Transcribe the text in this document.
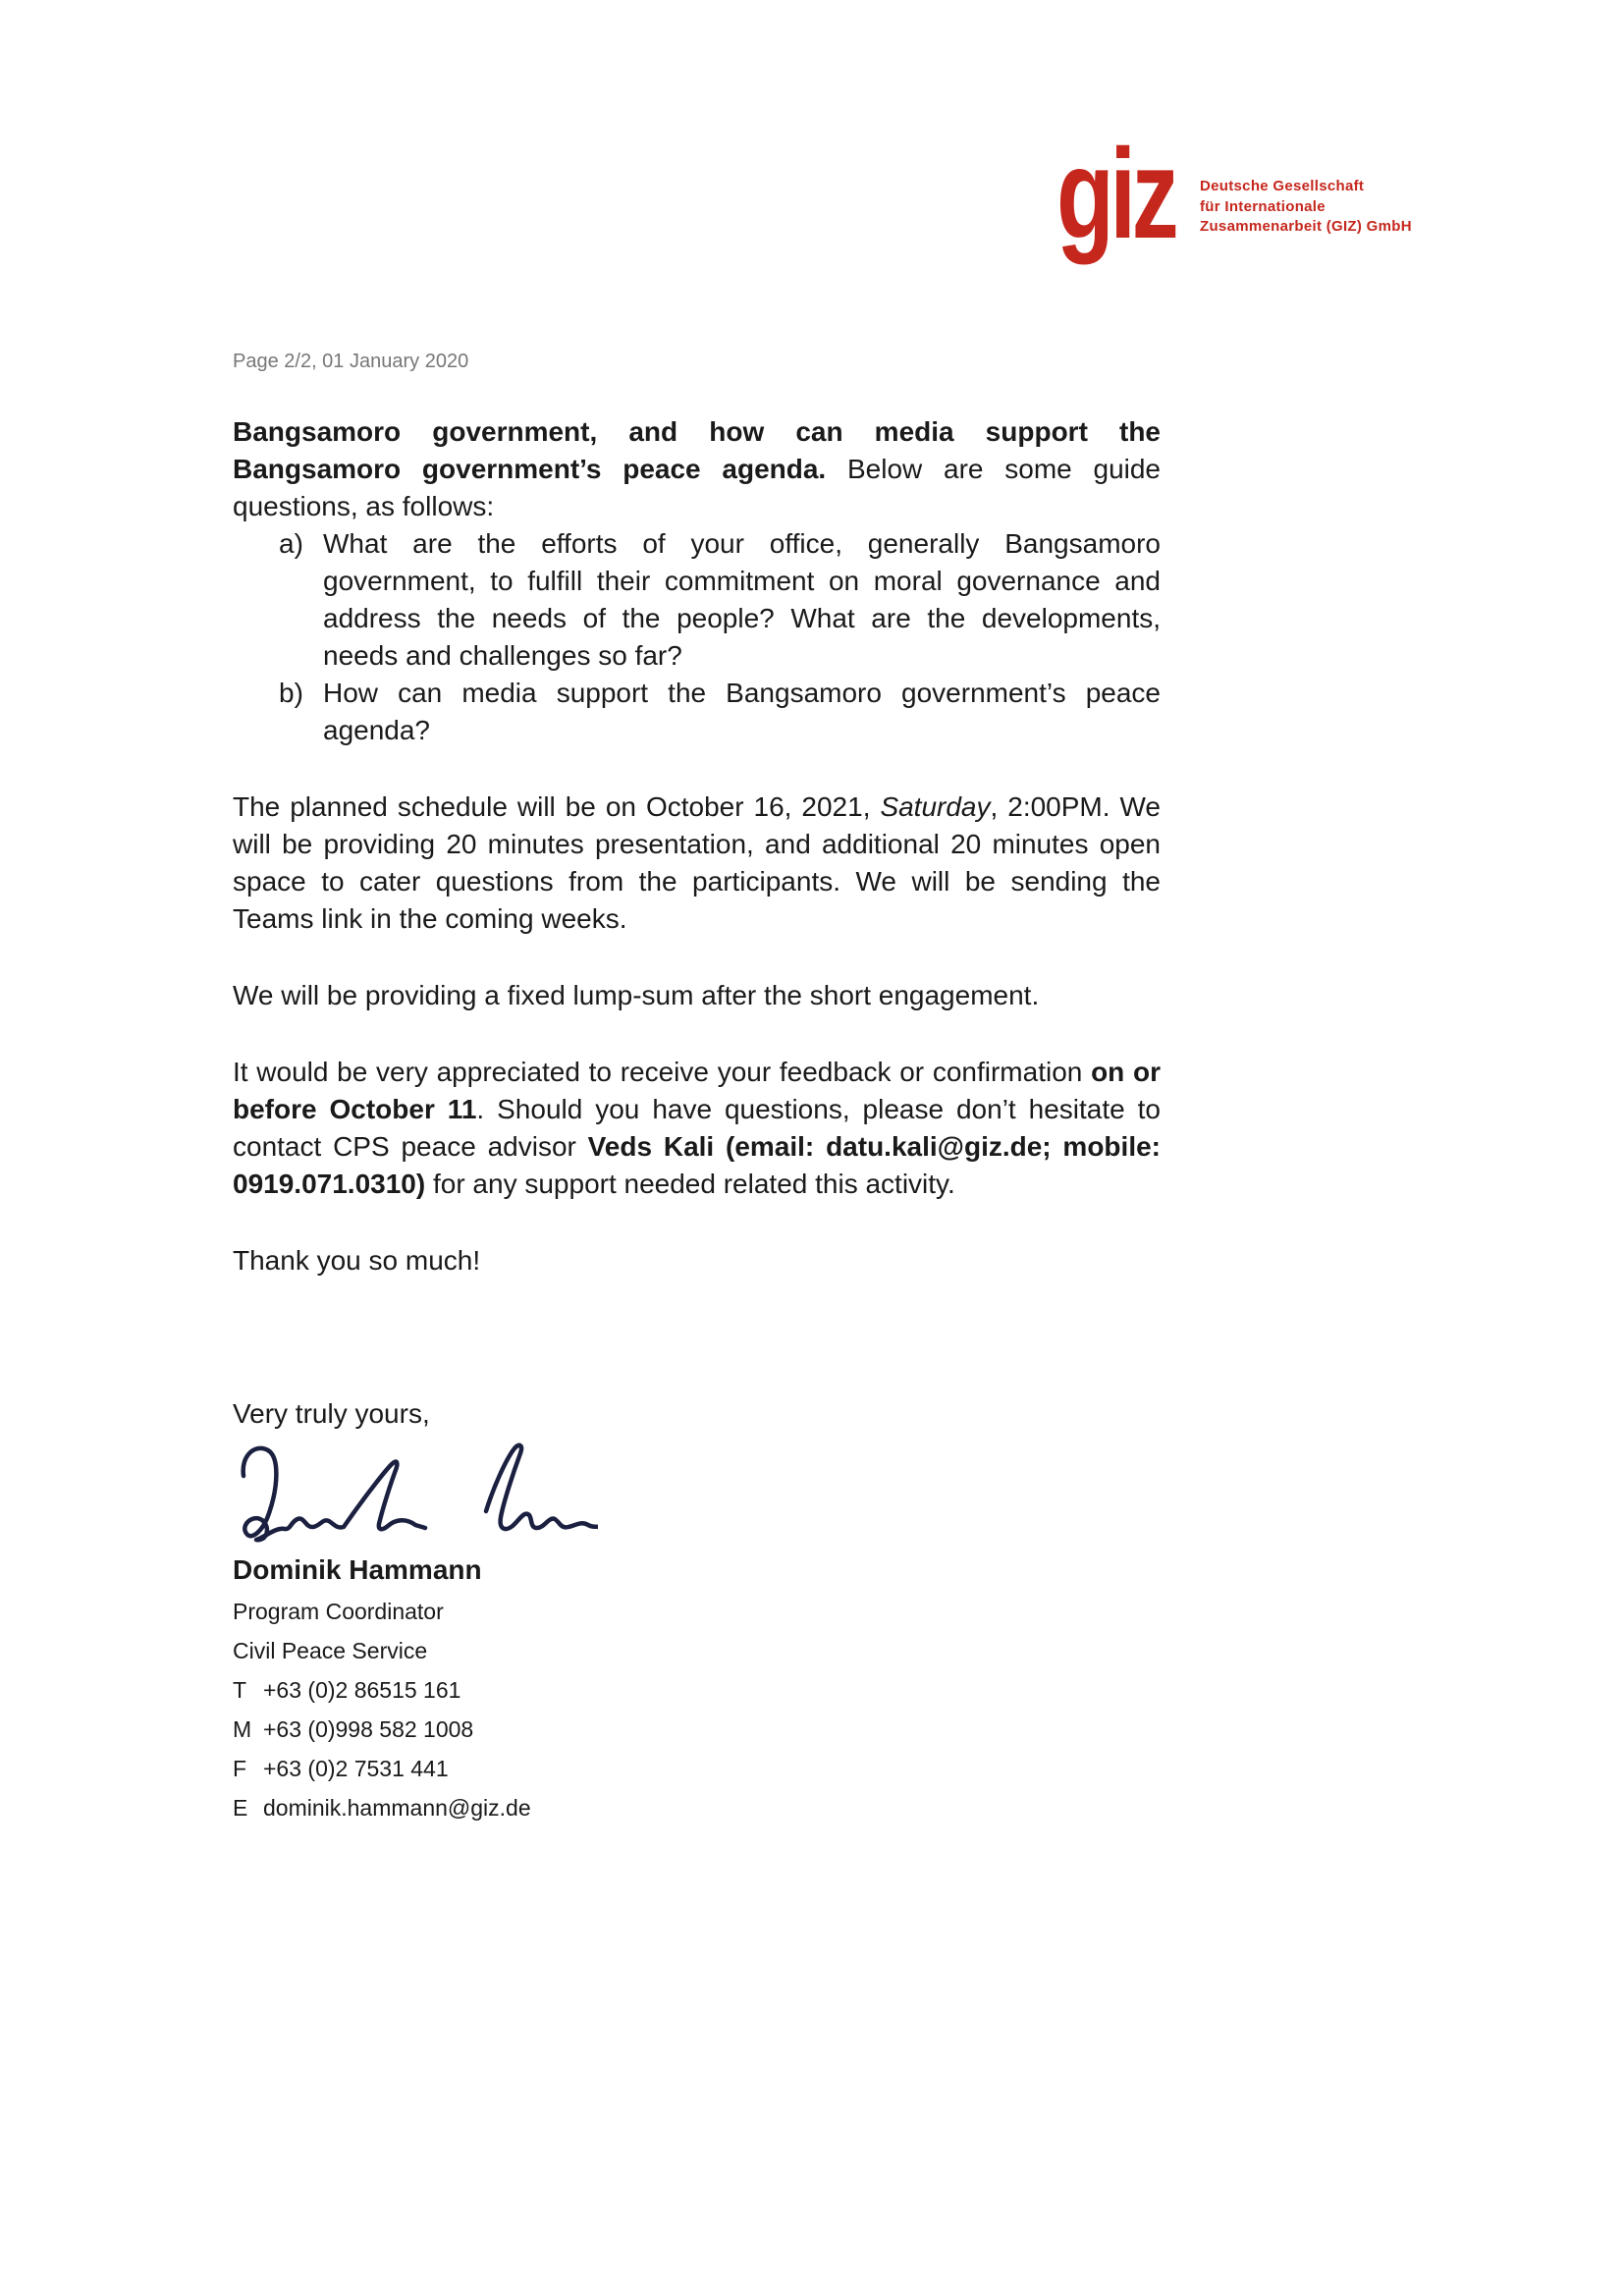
giz Deutsche Gesellschaft
für Internationale
Zusammenarbeit (GIZ) GmbH
Page 2/2, 01 January 2020

Bangsamoro government, and how can media support the Bangsamoro government’s peace agenda. Below are some guide questions, as follows:

a) What are the efforts of your office, generally Bangsamoro government, to fulfill their commitment on moral governance and address the needs of the people? What are the developments, needs and challenges so far?
b) How can media support the Bangsamoro government’s peace agenda?

The planned schedule will be on October 16, 2021, Saturday, 2:00PM. We will be providing 20 minutes presentation, and additional 20 minutes open space to cater questions from the participants. We will be sending the Teams link in the coming weeks.

We will be providing a fixed lump-sum after the short engagement.

It would be very appreciated to receive your feedback or confirmation on or before October 11. Should you have questions, please don’t hesitate to contact CPS peace advisor Veds Kali (email: datu.kali@giz.de; mobile: 0919.071.0310) for any support needed related this activity.

Thank you so much!

Very truly yours,

Dominik Hammann
Program Coordinator
Civil Peace Service
T +63 (0)2 86515 161
M +63 (0)998 582 1008
F +63 (0)2 7531 441
E dominik.hammann@giz.de
